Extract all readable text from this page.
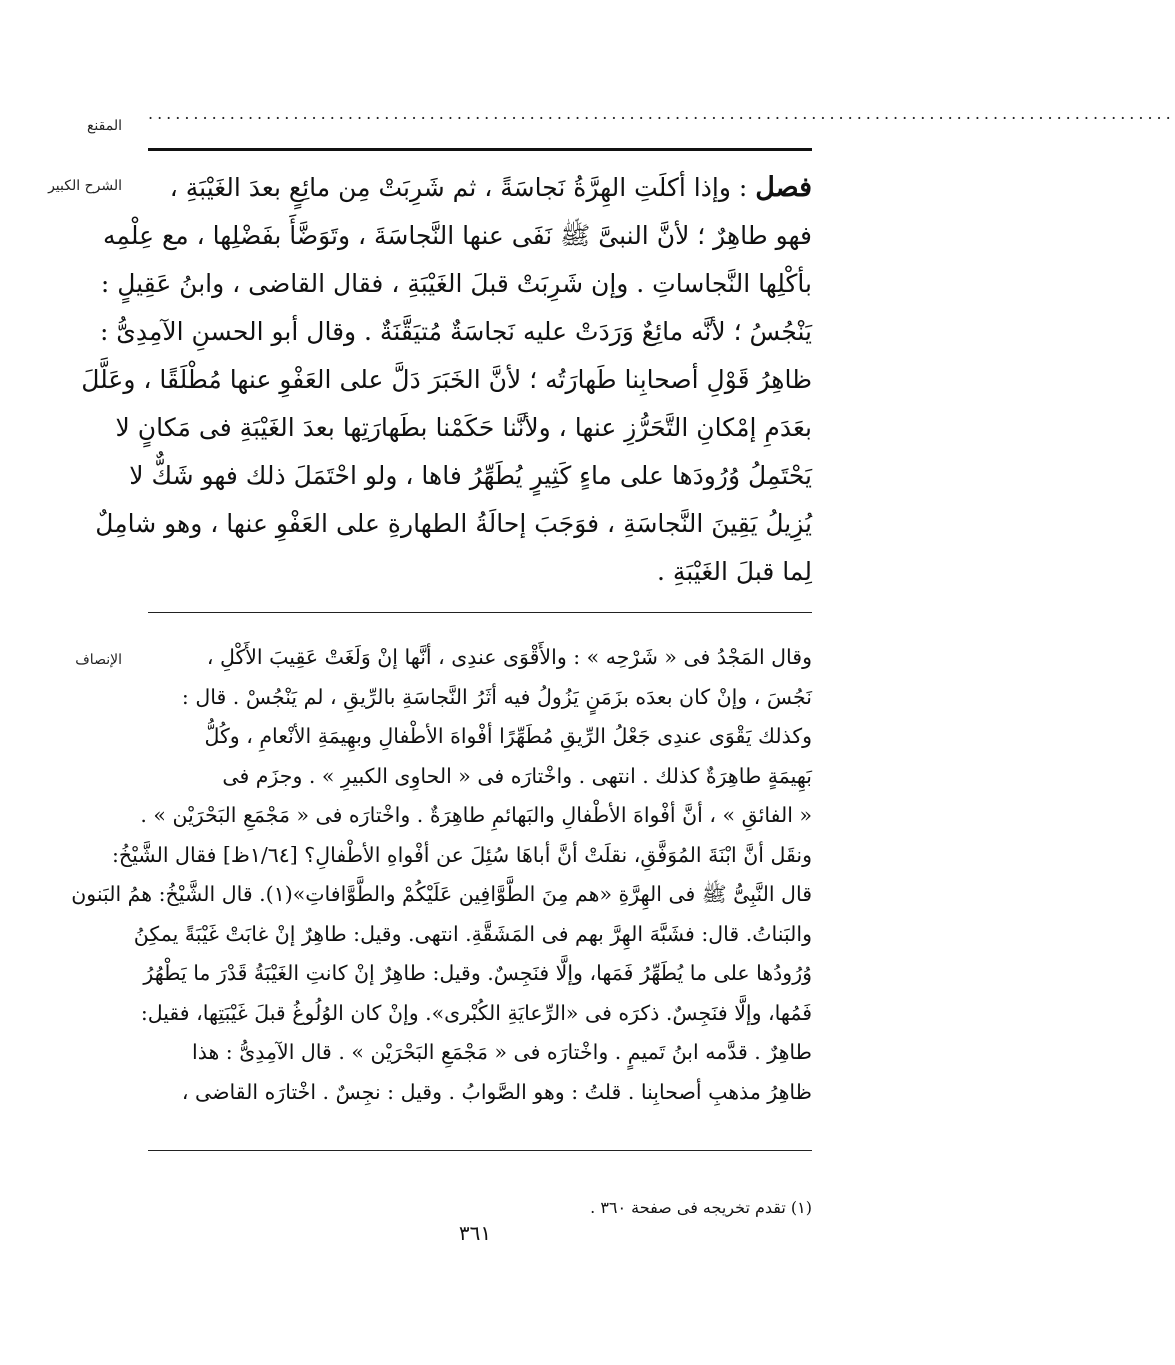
المقنع
.................................................................................................................
الشرح الكبير	فصل : وإذا أكلَتِ الهِرَّةُ نَجاسَةً ، ثم شَرِبَتْ مِن مائِعٍ بعدَ الغَيْبَةِ ،
فهو طاهِرٌ ؛ لأنَّ النبىَّ ﷺ نَفَى عنها النَّجاسَةَ ، وتَوَضَّأَ بفَضْلِها ، مع عِلْمِه
بأكْلِها النَّجاساتِ . وإن شَرِبَتْ قبلَ الغَيْبَةِ ، فقال القاضى ، وابنُ عَقِيلٍ :
يَنْجُسُ ؛ لأنَّه مائِعٌ وَرَدَتْ عليه نَجاسَةٌ مُتيَقَّنَةٌ . وقال أبو الحسنِ الآمِدِىُّ :
ظاهِرُ قَوْلِ أصحابِنا طَهارَتُه ؛ لأنَّ الخَبَرَ دَلَّ على العَفْوِ عنها مُطْلَقًا ، وعَلَّلَ
بعَدَمِ إمْكانِ التَّحَرُّزِ عنها ، ولأنَّنا حَكَمْنا بطَهارَتِها بعدَ الغَيْبَةِ فى مَكانٍ لا
يَحْتَمِلُ وُرُودَها على ماءٍ كَثِيرٍ يُطَهِّرُ فاها ، ولو احْتَمَلَ ذلك فهو شَكٌّ لا
يُزِيلُ يَقِينَ النَّجاسَةِ ، فوَجَبَ إحالَةُ الطهارةِ على العَفْوِ عنها ، وهو شامِلٌ
لِما قبلَ الغَيْبَةِ .
الإنصاف	وقال المَجْدُ فى « شَرْحِه » : والأَقْوَى عندِى ، أنَّها إنْ وَلَغَتْ عَقِيبَ الأَكْلِ ،
نَجُسَ ، وإنْ كان بعدَه بزَمَنٍ يَزُولُ فيه أثَرُ النَّجاسَةِ بالرِّيقِ ، لم يَنْجُسْ . قال :
وكذلك يَقْوَى عندِى جَعْلُ الرِّيقِ مُطَهِّرًا أفْواهَ الأطْفالِ وبهِيمَةِ الأنْعامِ ، وكُلُّ
بَهِيمَةٍ طاهِرَةٌ كذلك . انتهى . واخْتارَه فى « الحاوِى الكبيرِ » . وجزَم فى
« الفائقِ » ، أنَّ أفْواهَ الأطْفالِ والبَهائمِ طاهِرَةٌ . واخْتارَه فى « مَجْمَعِ البَحْرَيْن » .
ونقَل أنَّ ابْنَةَ المُوَفَّقِ، نقلَتْ أنَّ أباهَا سُئِلَ عن أفْواهِ الأطْفالِ؟ [١/٦٤ظ] فقال الشَّيْخُ:
قال النَّبِىُّ ﷺ فى الهِرَّةِ «هم مِنَ الطَّوَّافِين عَلَيْكُمْ والطَّوَّافاتِ»(١). قال الشَّيْخُ: همُ البَنون
والبَناتُ. قال: فشَبَّهَ الهِرَّ بهم فى المَشَقَّةِ. انتهى. وقيل: طاهِرٌ إنْ غابَتْ غَيْبَةً يمكِنُ
وُرُودُها على ما يُطَهِّرُ فَمَها، وإلَّا فنَجِسٌ. وقيل: طاهِرٌ إنْ كانتِ الغَيْبَةُ قَدْرَ ما يَطْهُرُ
فَمُها، وإلَّا فنَجِسٌ. ذكرَه فى «الرِّعايَةِ الكُبْرى». وإنْ كان الوُلُوغُ قبلَ غَيْبَتِها، فقيل:
طاهِرٌ . قدَّمه ابنُ تَميمٍ . واخْتارَه فى « مَجْمَعِ البَحْرَيْن » . قال الآمِدِىُّ : هذا
ظاهِرُ مذهبِ أصحابِنا . قلتُ : وهو الصَّوابُ . وقيل : نجِسٌ . اخْتارَه القاضى ،
(١) تقدم تخريجه فى صفحة ٣٦٠ .
٣٦١
